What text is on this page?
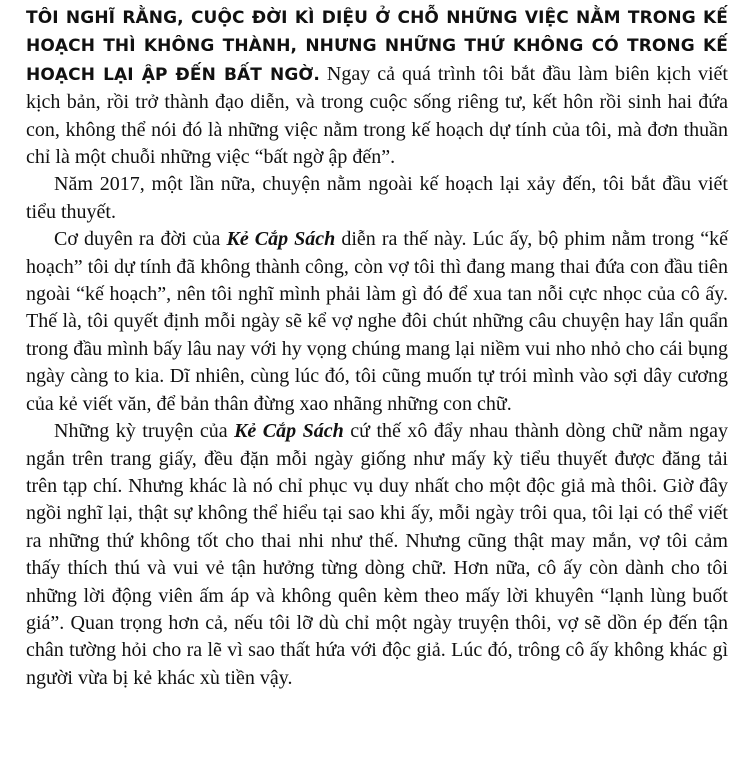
TÔI NGHĨ RẰNG, CUỘC ĐỜI KÌ DIỆU Ở CHỖ NHỮNG VIỆC NẰM TRONG KẾ HOẠCH THÌ KHÔNG THÀNH, NHƯNG NHỮNG THỨ KHÔNG CÓ TRONG KẾ HOẠCH LẠI ẬP ĐẾN BẤT NGỜ. Ngay cả quá trình tôi bắt đầu làm biên kịch viết kịch bản, rồi trở thành đạo diễn, và trong cuộc sống riêng tư, kết hôn rồi sinh hai đứa con, không thể nói đó là những việc nằm trong kế hoạch dự tính của tôi, mà đơn thuần chỉ là một chuỗi những việc “bất ngờ ập đến”.

Năm 2017, một lần nữa, chuyện nằm ngoài kế hoạch lại xảy đến, tôi bắt đầu viết tiểu thuyết.

Cơ duyên ra đời của Kẻ Cắp Sách diễn ra thế này. Lúc ấy, bộ phim nằm trong “kế hoạch” tôi dự tính đã không thành công, còn vợ tôi thì đang mang thai đứa con đầu tiên ngoài “kế hoạch”, nên tôi nghĩ mình phải làm gì đó để xua tan nỗi cực nhọc của cô ấy. Thế là, tôi quyết định mỗi ngày sẽ kể vợ nghe đôi chút những câu chuyện hay lẩn quẩn trong đầu mình bấy lâu nay với hy vọng chúng mang lại niềm vui nho nhỏ cho cái bụng ngày càng to kia. Dĩ nhiên, cùng lúc đó, tôi cũng muốn tự trói mình vào sợi dây cương của kẻ viết văn, để bản thân đừng xao nhãng những con chữ.

Những kỳ truyện của Kẻ Cắp Sách cứ thế xô đẩy nhau thành dòng chữ nằm ngay ngắn trên trang giấy, đều đặn mỗi ngày giống như mấy kỳ tiểu thuyết được đăng tải trên tạp chí. Nhưng khác là nó chỉ phục vụ duy nhất cho một độc giả mà thôi. Giờ đây ngồi nghĩ lại, thật sự không thể hiểu tại sao khi ấy, mỗi ngày trôi qua, tôi lại có thể viết ra những thứ không tốt cho thai nhi như thế. Nhưng cũng thật may mắn, vợ tôi cảm thấy thích thú và vui vẻ tận hưởng từng dòng chữ. Hơn nữa, cô ấy còn dành cho tôi những lời động viên ấm áp và không quên kèm theo mấy lời khuyên “lạnh lùng buốt giá”. Quan trọng hơn cả, nếu tôi lỡ dù chỉ một ngày truyện thôi, vợ sẽ dồn ép đến tận chân tường hỏi cho ra lẽ vì sao thất hứa với độc giả. Lúc đó, trông cô ấy không khác gì người vừa bị kẻ khác xù tiền vậy.
